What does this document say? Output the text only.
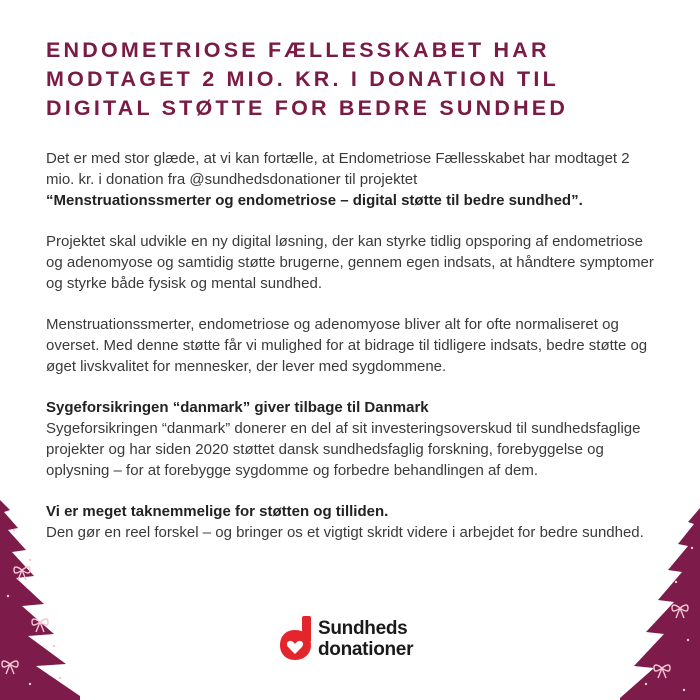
ENDOMETRIOSE FÆLLESSKABET HAR
MODTAGET 2 MIO. KR. I DONATION TIL
DIGITAL STØTTE FOR BEDRE SUNDHED

Det er med stor glæde, at vi kan fortælle, at Endometriose Fællesskabet har modtaget 2 mio. kr. i donation fra @sundhedsdonationer til projektet
“Menstruationssmerter og endometriose – digital støtte til bedre sundhed”.

Projektet skal udvikle en ny digital løsning, der kan styrke tidlig opsporing af endometriose og adenomyose og samtidig støtte brugerne, gennem egen indsats, at håndtere symptomer og styrke både fysisk og mental sundhed.

Menstruationssmerter, endometriose og adenomyose bliver alt for ofte normaliseret og overset. Med denne støtte får vi mulighed for at bidrage til tidligere indsats, bedre støtte og øget livskvalitet for mennesker, der lever med sygdommene.

Sygeforsikringen “danmark” giver tilbage til Danmark
Sygeforsikringen “danmark” donerer en del af sit investeringsoverskud til sundhedsfaglige projekter og har siden 2020 støttet dansk sundhedsfaglig forskning, forebyggelse og oplysning – for at forebygge sygdomme og forbedre behandlingen af dem.

Vi er meget taknemmelige for støtten og tilliden.
Den gør en reel forskel – og bringer os et vigtigt skridt videre i arbejdet for bedre sundhed.

Sundheds
donationer
